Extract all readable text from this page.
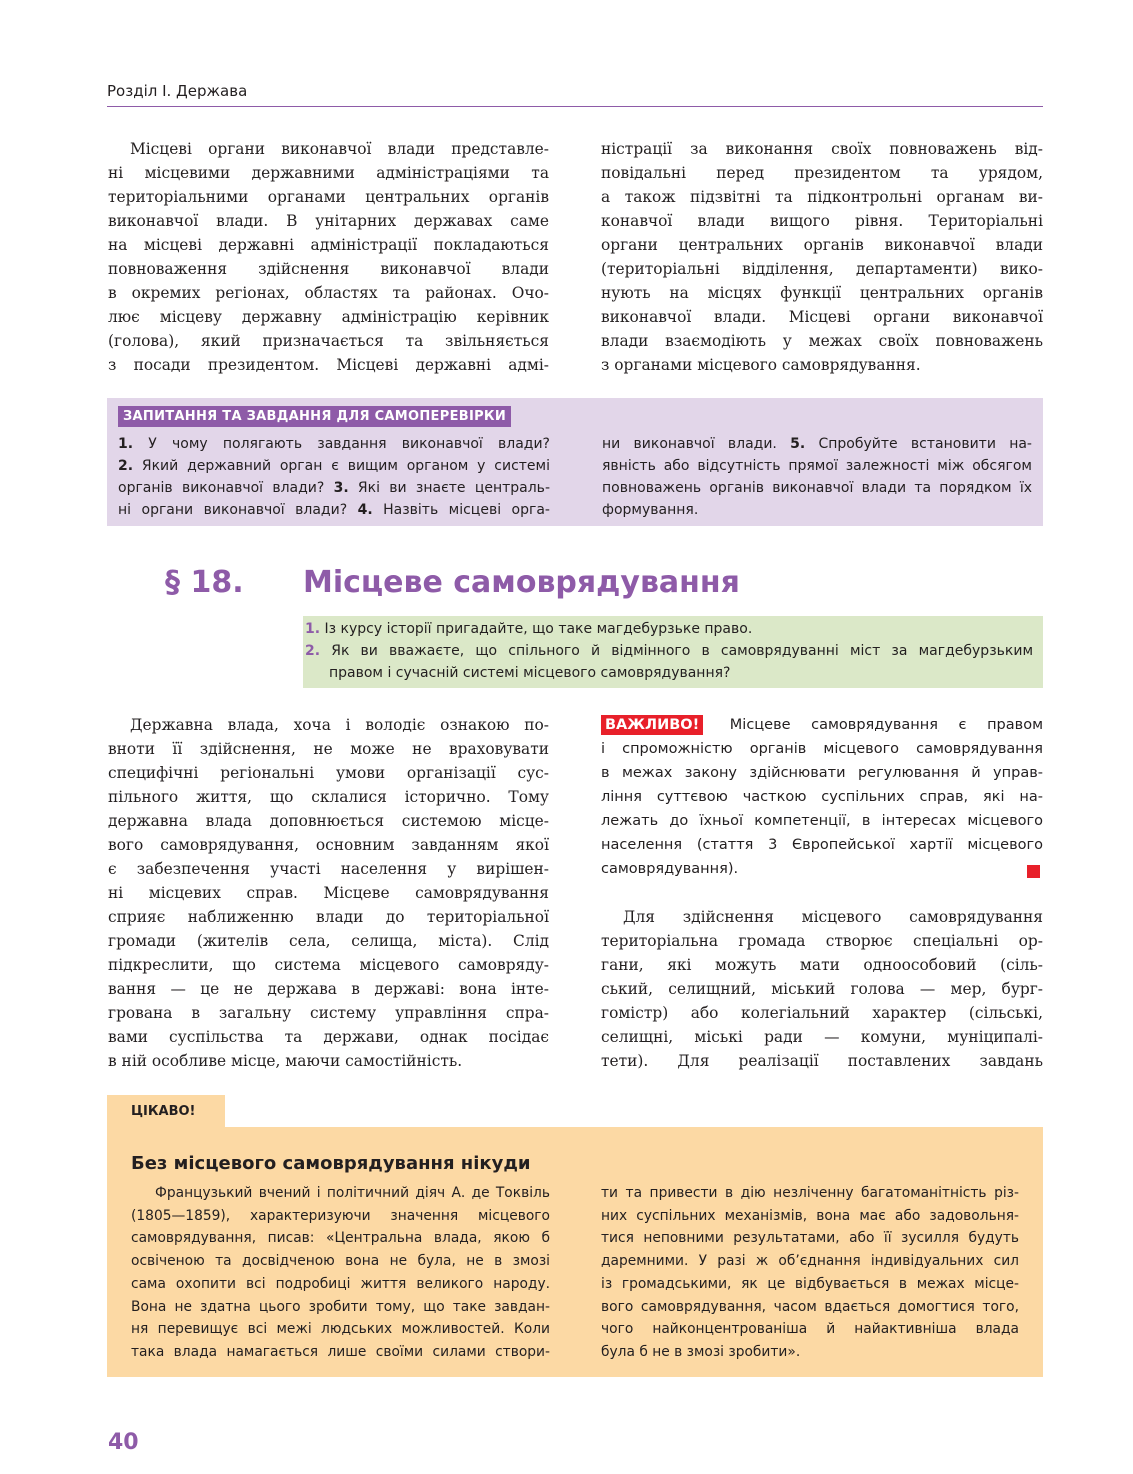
Розділ I. Держава
Місцеві органи виконавчої влади представле-
ні місцевими державними адміністраціями та
територіальними органами центральних органів
виконавчої влади. В унітарних державах саме
на місцеві державні адміністрації покладаються
повноваження здійснення виконавчої влади
в окремих регіонах, областях та районах. Очо-
лює місцеву державну адміністрацію керівник
(голова), який призначається та звільняється
з посади президентом. Місцеві державні адмі-
ністрації за виконання своїх повноважень від-
повідальні перед президентом та урядом,
а також підзвітні та підконтрольні органам ви-
конавчої влади вищого рівня. Територіальні
органи центральних органів виконавчої влади
(територіальні відділення, департаменти) вико-
нують на місцях функції центральних органів
виконавчої влади. Місцеві органи виконавчої
влади взаємодіють у межах своїх повноважень
з органами місцевого самоврядування.
ЗАПИТАННЯ ТА ЗАВДАННЯ ДЛЯ САМОПЕРЕВІРКИ
1. У чому полягають завдання виконавчої влади?
2. Який державний орган є вищим органом у системі
органів виконавчої влади? 3. Які ви знаєте централь-
ні органи виконавчої влади? 4. Назвіть місцеві орга-
ни виконавчої влади. 5. Спробуйте встановити на-
явність або відсутність прямої залежності між обсягом
повноважень органів виконавчої влади та порядком їх
формування.
§ 18. Місцеве самоврядування
1. Із курсу історії пригадайте, що таке магдебурзьке право.
2. Як ви вважаєте, що спільного й відмінного в самоврядуванні міст за магдебурзьким
правом і сучасній системі місцевого самоврядування?
Державна влада, хоча і володіє ознакою по-
вноти її здійснення, не може не враховувати
специфічні регіональні умови організації сус-
пільного життя, що склалися історично. Тому
державна влада доповнюється системою місце-
вого самоврядування, основним завданням якої
є забезпечення участі населення у вирішен-
ні місцевих справ. Місцеве самоврядування
сприяє наближенню влади до територіальної
громади (жителів села, селища, міста). Слід
підкреслити, що система місцевого самовряду-
вання — це не держава в державі: вона інте-
грована в загальну систему управління спра-
вами суспільства та держави, однак посідає
в ній особливе місце, маючи самостійність.
ВАЖЛИВО! Місцеве самоврядування є правом
і спроможністю органів місцевого самоврядування
в межах закону здійснювати регулювання й управ-
ління суттєвою часткою суспільних справ, які на-
лежать до їхньої компетенції, в інтересах місцевого
населення (стаття 3 Європейської хартії місцевого
самоврядування).
Для здійснення місцевого самоврядування
територіальна громада створює спеціальні ор-
гани, які можуть мати одноособовий (сіль-
ський, селищний, міський голова — мер, бург-
гомістр) або колегіальний характер (сільські,
селищні, міські ради — комуни, муніципалі-
тети). Для реалізації поставлених завдань
ЦІКАВО!
Без місцевого самоврядування нікуди
Французький вчений і політичний діяч А. де Токвіль
(1805—1859), характеризуючи значення місцевого
самоврядування, писав: «Центральна влада, якою б
освіченою та досвідченою вона не була, не в змозі
сама охопити всі подробиці життя великого народу.
Вона не здатна цього зробити тому, що таке завдан-
ня перевищує всі межі людських можливостей. Коли
така влада намагається лише своїми силами створи-
ти та привести в дію незліченну багатоманітність різ-
них суспільних механізмів, вона має або задовольня-
тися неповними результатами, або її зусилля будуть
даремними. У разі ж об’єднання індивідуальних сил
із громадськими, як це відбувається в межах місце-
вого самоврядування, часом вдається домогтися того,
чого найконцентрованіша й найактивніша влада
була б не в змозі зробити».
40
